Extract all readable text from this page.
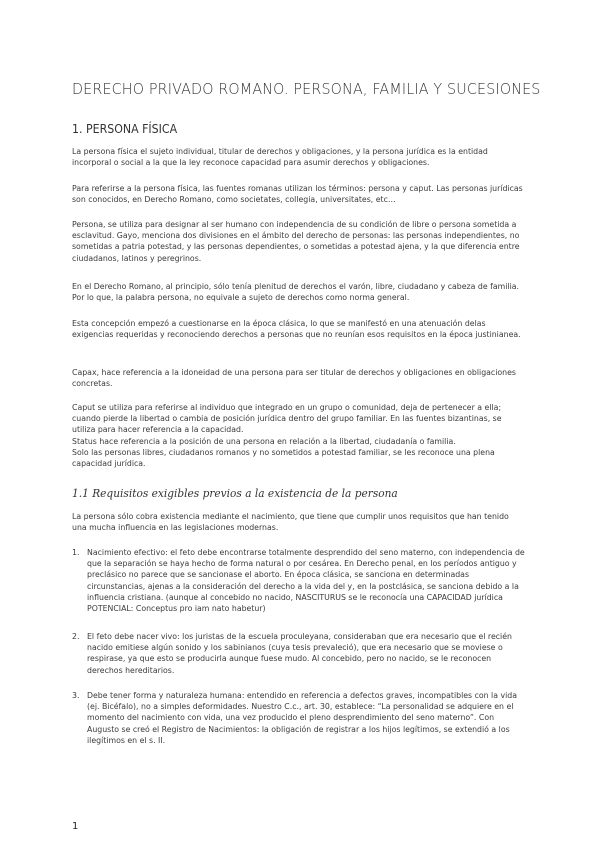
DERECHO PRIVADO ROMANO. PERSONA, FAMILIA Y SUCESIONES
1. PERSONA FÍSICA

La persona física el sujeto individual, titular de derechos y obligaciones, y la persona jurídica es la entidad incorporal o social a la que la ley reconoce capacidad para asumir derechos y obligaciones.

Para referirse a la persona física, las fuentes romanas utilizan los términos: persona y caput. Las personas jurídicas son conocidos, en Derecho Romano, como societates, collegia, universitates, etc…

Persona, se utiliza para designar al ser humano con independencia de su condición de libre o persona sometida a esclavitud. Gayo, menciona dos divisiones en el ámbito del derecho de personas: las personas independientes, no sometidas a patria potestad, y las personas dependientes, o sometidas a potestad ajena, y la que diferencia entre ciudadanos, latinos y peregrinos.

En el Derecho Romano, al principio, sólo tenía plenitud de derechos el varón, libre, ciudadano y cabeza de familia. Por lo que, la palabra persona, no equivale a sujeto de derechos como norma general.

Esta concepción empezó a cuestionarse en la época clásica, lo que se manifestó en una atenuación delas exigencias requeridas y reconociendo derechos a personas que no reunían esos requisitos en la época justinianea.

Capax, hace referencia a la idoneidad de una persona para ser titular de derechos y obligaciones en obligaciones concretas.

Caput se utiliza para referirse al individuo que integrado en un grupo o comunidad, deja de pertenecer a ella; cuando pierde la libertad o cambia de posición jurídica dentro del grupo familiar. En las fuentes bizantinas, se utiliza para hacer referencia a la capacidad.
Status hace referencia a la posición de una persona en relación a la libertad, ciudadanía o familia.
Solo las personas libres, ciudadanos romanos y no sometidos a potestad familiar, se les reconoce una plena capacidad jurídica.

1.1 Requisitos exigibles previos a la existencia de la persona

La persona sólo cobra existencia mediante el nacimiento, que tiene que cumplir unos requisitos que han tenido una mucha influencia en las legislaciones modernas.

1. Nacimiento efectivo: el feto debe encontrarse totalmente desprendido del seno materno, con independencia de que la separación se haya hecho de forma natural o por cesárea. En Derecho penal, en los períodos antiguo y preclásico no parece que se sancionase el aborto. En época clásica, se sanciona en determinadas circunstancias, ajenas a la consideración del derecho a la vida del y, en la postclásica, se sanciona debido a la influencia cristiana. (aunque al concebido no nacido, NASCITURUS se le reconocía una CAPACIDAD jurídica POTENCIAL: Conceptus pro iam nato habetur)
2. El feto debe nacer vivo: los juristas de la escuela proculeyana, consideraban que era necesario que el recién nacido emitiese algún sonido y los sabinianos (cuya tesis prevaleció), que era necesario que se moviese o respirase, ya que esto se producirla aunque fuese mudo. Al concebido, pero no nacido, se le reconocen derechos hereditarios.
3. Debe tener forma y naturaleza humana: entendido en referencia a defectos graves, incompatibles con la vida (ej. Bicéfalo), no a simples deformidades. Nuestro C.c., art. 30, establece: “La personalidad se adquiere en el momento del nacimiento con vida, una vez producido el pleno desprendimiento del seno materno”. Con Augusto se creó el Registro de Nacimientos: la obligación de registrar a los hijos legítimos, se extendió a los ilegítimos en el s. II.
1
